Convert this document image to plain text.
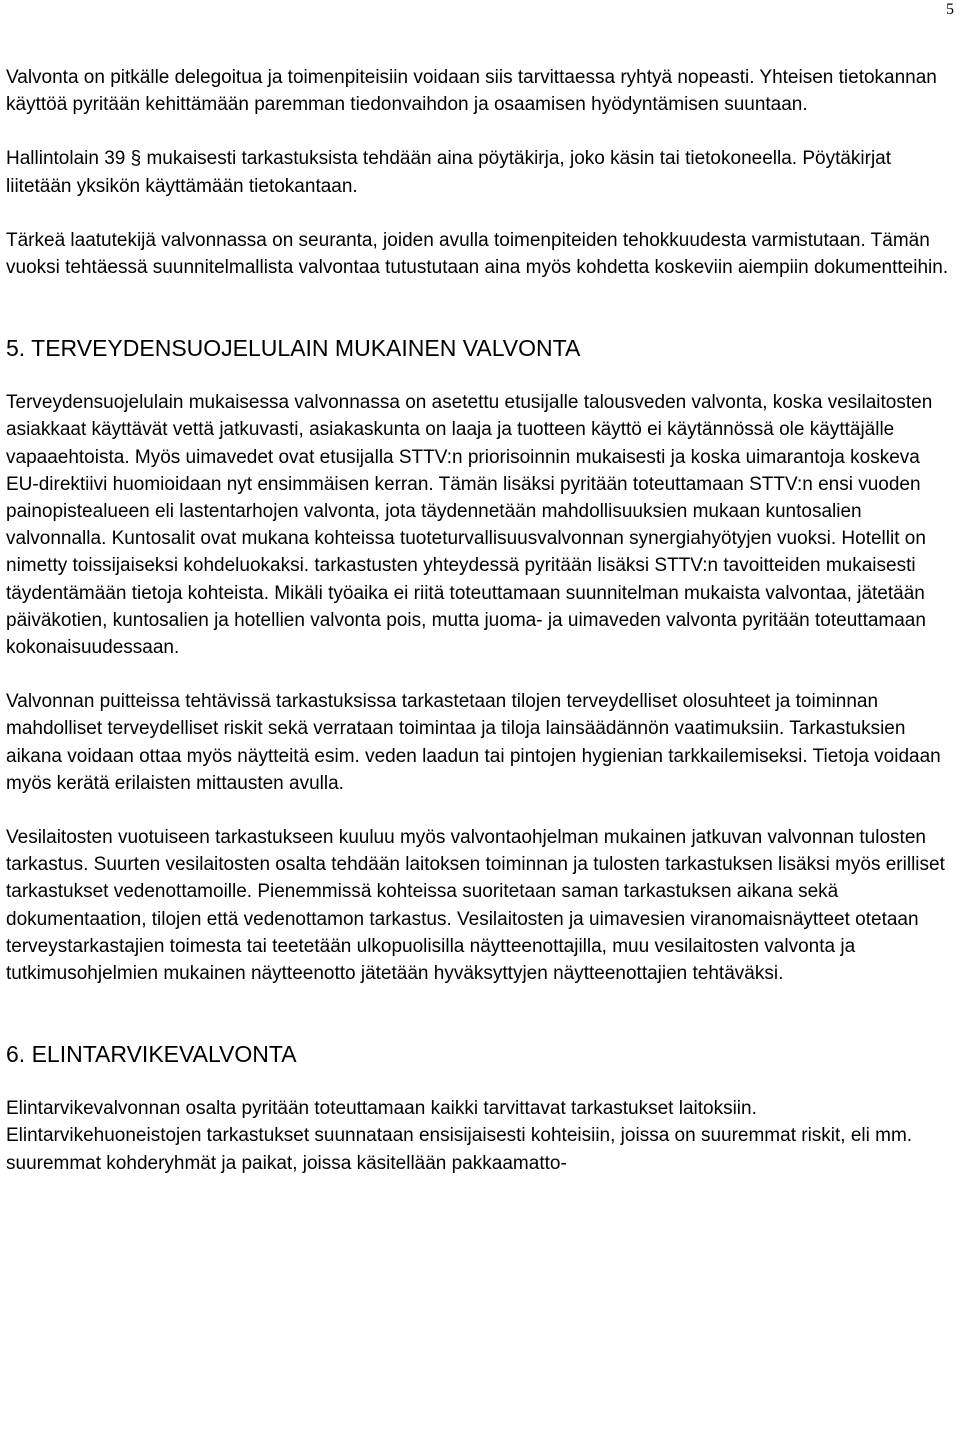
5

Valvonta on pitkälle delegoitua ja toimenpiteisiin voidaan siis tarvittaessa ryhtyä nopeasti. Yhteisen tietokannan käyttöä pyritään kehittämään paremman tiedonvaihdon ja osaamisen hyödyntämisen suuntaan.

Hallintolain 39 § mukaisesti tarkastuksista tehdään aina pöytäkirja, joko käsin tai tietokoneella. Pöytäkirjat liitetään yksikön käyttämään tietokantaan.

Tärkeä laatutekijä valvonnassa on seuranta, joiden avulla toimenpiteiden tehokkuudesta varmistutaan. Tämän vuoksi tehtäessä suunnitelmallista valvontaa tutustutaan aina myös kohdetta koskeviin aiempiin dokumentteihin.

5. TERVEYDENSUOJELULAIN MUKAINEN VALVONTA

Terveydensuojelulain mukaisessa valvonnassa on asetettu etusijalle talousveden valvonta, koska vesilaitosten asiakkaat käyttävät vettä jatkuvasti, asiakaskunta on laaja ja tuotteen käyttö ei käytännössä ole käyttäjälle vapaaehtoista. Myös uimavedet ovat etusijalla STTV:n priorisoinnin mukaisesti ja koska uimarantoja koskeva EU-direktiivi huomioidaan nyt ensimmäisen kerran. Tämän lisäksi pyritään toteuttamaan STTV:n ensi vuoden painopistealueen eli lastentarhojen valvonta, jota täydennetään mahdollisuuksien mukaan kuntosalien valvonnalla. Kuntosalit ovat mukana kohteissa tuoteturvallisuusvalvonnan synergiahyötyjen vuoksi. Hotellit on nimetty toissijaiseksi kohdeluokaksi. tarkastusten yhteydessä pyritään lisäksi STTV:n tavoitteiden mukaisesti täydentämään tietoja kohteista. Mikäli työaika ei riitä toteuttamaan suunnitelman mukaista valvontaa, jätetään päiväkotien, kuntosalien ja hotellien valvonta pois, mutta juoma- ja uimaveden valvonta pyritään toteuttamaan kokonaisuudessaan.

Valvonnan puitteissa tehtävissä tarkastuksissa tarkastetaan tilojen terveydelliset olosuhteet ja toiminnan mahdolliset terveydelliset riskit sekä verrataan toimintaa ja tiloja lainsäädännön vaatimuksiin. Tarkastuksien aikana voidaan ottaa myös näytteitä esim. veden laadun tai pintojen hygienian tarkkailemiseksi. Tietoja voidaan myös kerätä erilaisten mittausten avulla.

Vesilaitosten vuotuiseen tarkastukseen kuuluu myös valvontaohjelman mukainen jatkuvan valvonnan tulosten tarkastus. Suurten vesilaitosten osalta tehdään laitoksen toiminnan ja tulosten tarkastuksen lisäksi myös erilliset tarkastukset vedenottamoille. Pienemmissä kohteissa suoritetaan saman tarkastuksen aikana sekä dokumentaation, tilojen että vedenottamon tarkastus. Vesilaitosten ja uimavesien viranomaisnäytteet otetaan terveystarkastajien toimesta tai teetetään ulkopuolisilla näytteenottajilla, muu vesilaitosten valvonta ja tutkimusohjelmien mukainen näytteenotto jätetään hyväksyttyjen näytteenottajien tehtäväksi.

6. ELINTARVIKEVALVONTA

Elintarvikevalvonnan osalta pyritään toteuttamaan kaikki tarvittavat tarkastukset laitoksiin. Elintarvikehuoneistojen tarkastukset suunnataan ensisijaisesti kohteisiin, joissa on suuremmat riskit, eli mm. suuremmat kohderyhmät ja paikat, joissa käsitellään pakkaamatto-
